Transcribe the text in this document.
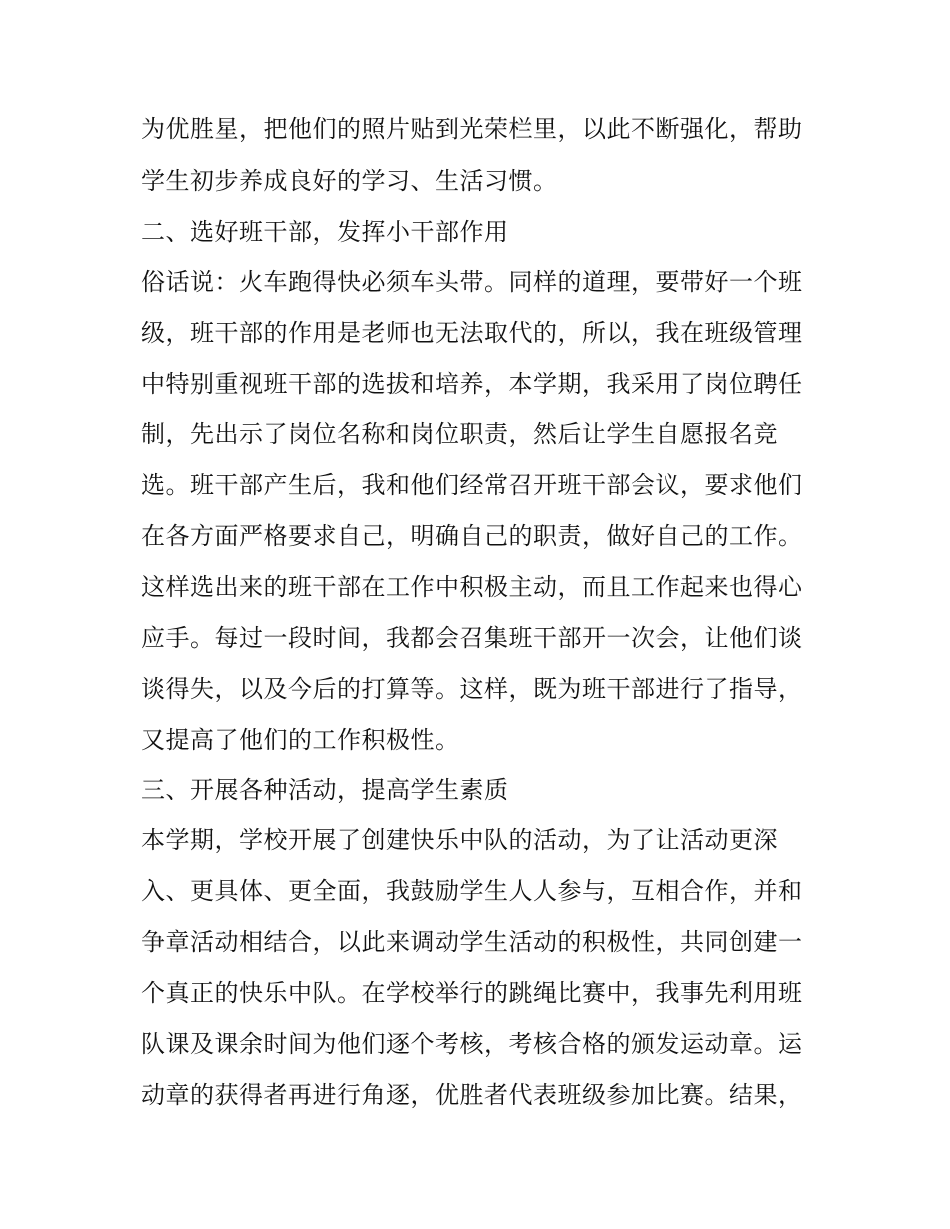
为优胜星，把他们的照片贴到光荣栏里，以此不断强化，帮助
学生初步养成良好的学习、生活习惯。
二、选好班干部，发挥小干部作用
俗话说：火车跑得快必须车头带。同样的道理，要带好一个班
级，班干部的作用是老师也无法取代的，所以，我在班级管理
中特别重视班干部的选拔和培养，本学期，我采用了岗位聘任
制，先出示了岗位名称和岗位职责，然后让学生自愿报名竞
选。班干部产生后，我和他们经常召开班干部会议，要求他们
在各方面严格要求自己，明确自己的职责，做好自己的工作。
这样选出来的班干部在工作中积极主动，而且工作起来也得心
应手。每过一段时间，我都会召集班干部开一次会，让他们谈
谈得失，以及今后的打算等。这样，既为班干部进行了指导，
又提高了他们的工作积极性。
三、开展各种活动，提高学生素质
本学期，学校开展了创建快乐中队的活动，为了让活动更深
入、更具体、更全面，我鼓励学生人人参与，互相合作，并和
争章活动相结合，以此来调动学生活动的积极性，共同创建一
个真正的快乐中队。在学校举行的跳绳比赛中，我事先利用班
队课及课余时间为他们逐个考核，考核合格的颁发运动章。运
动章的获得者再进行角逐，优胜者代表班级参加比赛。结果，
